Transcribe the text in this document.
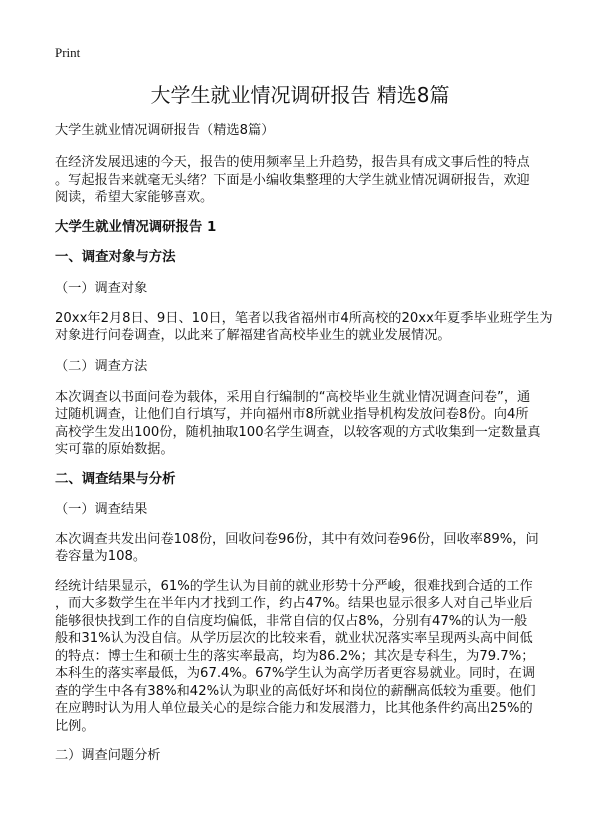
Print
大学生就业情况调研报告 精选8篇
大学生就业情况调研报告（精选8篇）
在经济发展迅速的今天，报告的使用频率呈上升趋势，报告具有成文事后性的特点
。写起报告来就毫无头绪？下面是小编收集整理的大学生就业情况调研报告，欢迎
阅读，希望大家能够喜欢。
大学生就业情况调研报告 1
一、调查对象与方法
（一）调查对象
20xx年2月8日、9日、10日，笔者以我省福州市4所高校的20xx年夏季毕业班学生为
对象进行问卷调查，以此来了解福建省高校毕业生的就业发展情况。
（二）调查方法
本次调查以书面问卷为载体，采用自行编制的“高校毕业生就业情况调查问卷”，通
过随机调查，让他们自行填写，并向福州市8所就业指导机构发放问卷8份。向4所
高校学生发出100份，随机抽取100名学生调查，以较客观的方式收集到一定数量真
实可靠的原始数据。
二、调查结果与分析
（一）调查结果
本次调查共发出问卷108份，回收问卷96份，其中有效问卷96份，回收率89%，问
卷容量为108。
经统计结果显示，61%的学生认为目前的就业形势十分严峻，很难找到合适的工作
，而大多数学生在半年内才找到工作，约占47%。结果也显示很多人对自己毕业后
能够很快找到工作的自信度均偏低，非常自信的仅占8%，分别有47%的认为一般
般和31%认为没自信。从学历层次的比较来看，就业状况落实率呈现两头高中间低
的特点：博士生和硕士生的落实率最高，均为86.2%；其次是专科生，为79.7%；
本科生的落实率最低，为67.4%。67%学生认为高学历者更容易就业。同时，在调
查的学生中各有38%和42%认为职业的高低好坏和岗位的薪酬高低较为重要。他们
在应聘时认为用人单位最关心的是综合能力和发展潜力，比其他条件约高出25%的
比例。
二）调查问题分析
